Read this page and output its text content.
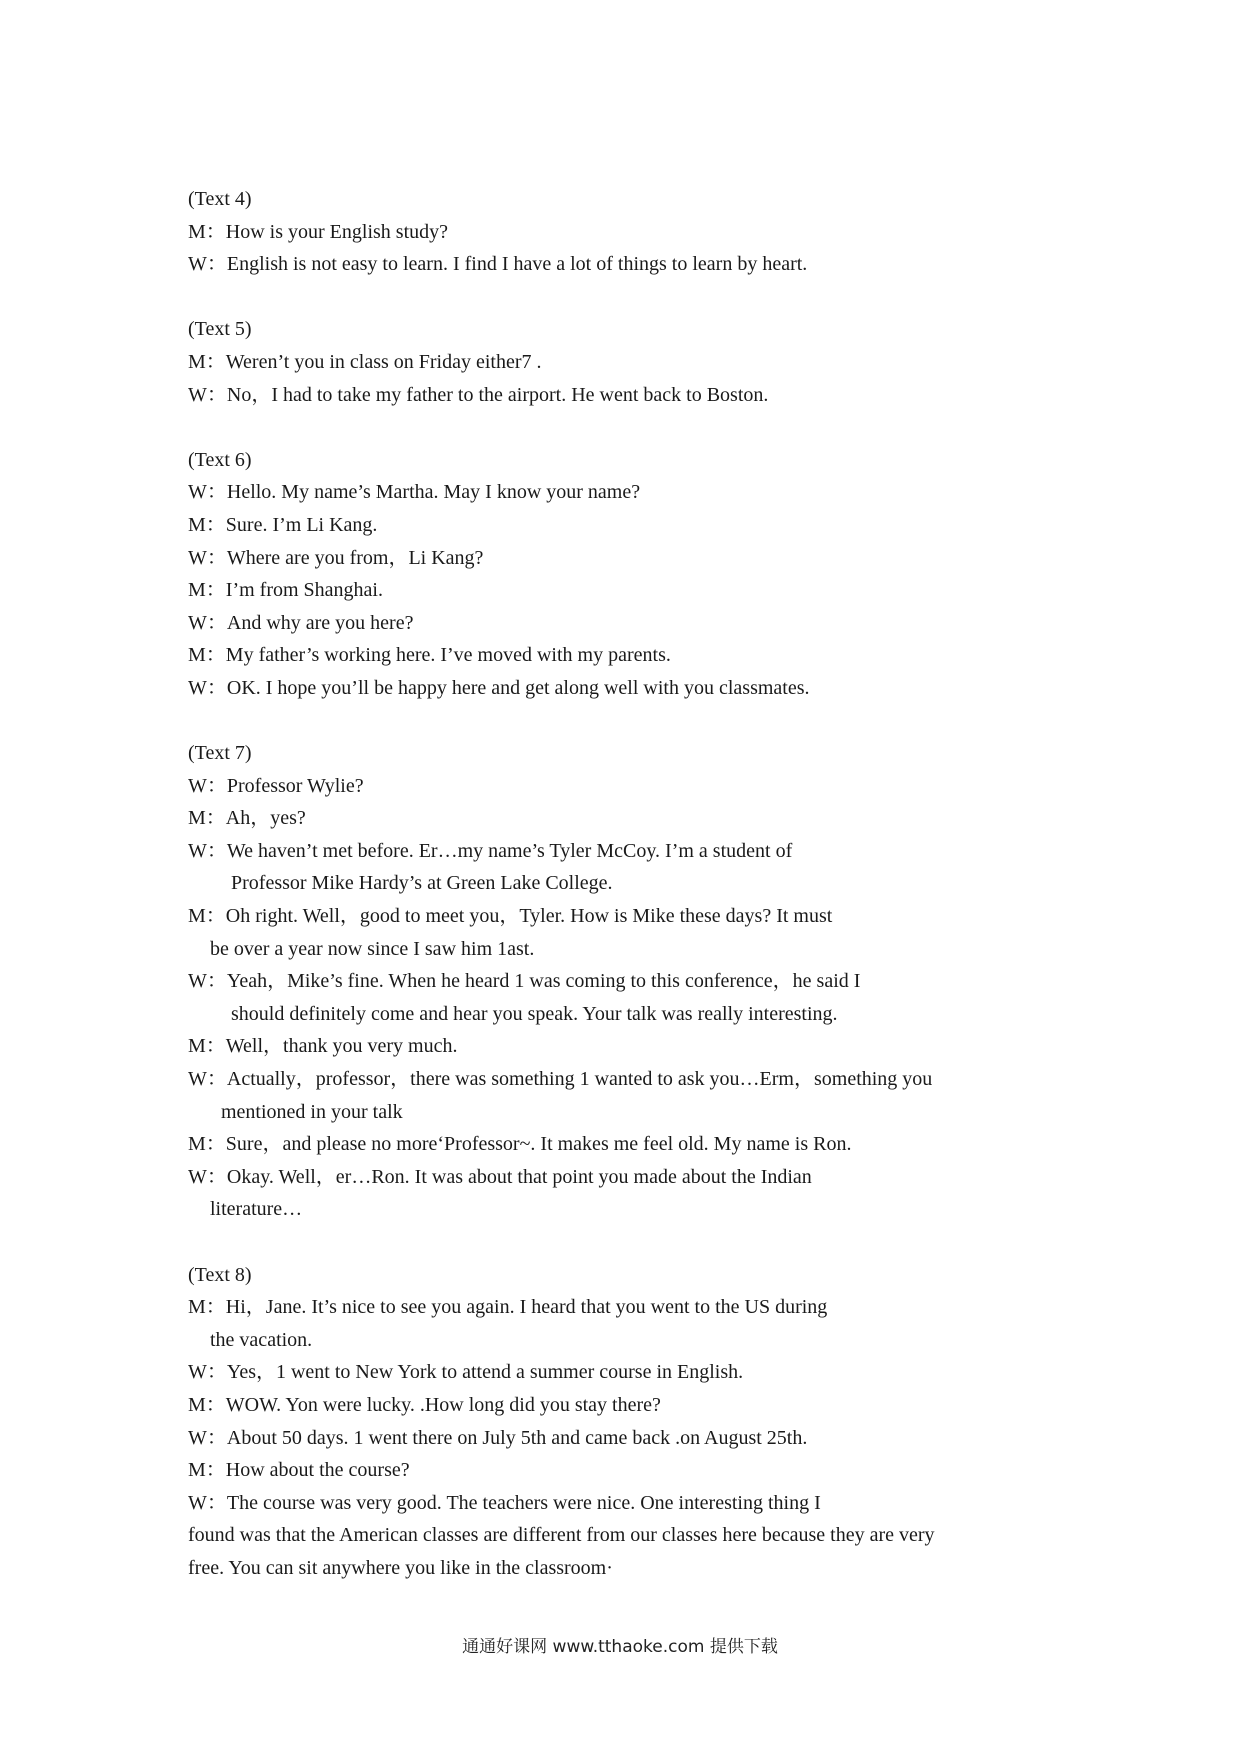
(Text 4)
M：How is your English study?
W：English is not easy to learn. I find I have a lot of things to learn by heart.
(Text 5)
M：Weren’t you in class on Friday either7 .
W：No，I had to take my father to the airport. He went back to Boston.
(Text 6)
W：Hello. My name’s Martha. May I know your name?
M：Sure. I’m Li Kang.
W：Where are you from，Li Kang?
M：I’m from Shanghai.
W：And why are you here?
M：My father’s working here. I’ve moved with my parents.
W：OK. I hope you’ll be happy here and get along well with you classmates.
(Text 7)
W：Professor Wylie?
M：Ah，yes?
W：We haven’t met before. Er…my name’s Tyler McCoy. I’m a student of
Professor Mike Hardy’s at Green Lake College.
M：Oh right. Well，good to meet you，Tyler. How is Mike these days? It must
be over a year now since I saw him 1ast.
W：Yeah，Mike’s fine. When he heard 1 was coming to this conference，he said I
should definitely come and hear you speak. Your talk was really interesting.
M：Well，thank you very much.
W：Actually，professor，there was something 1 wanted to ask you…Erm，something you
mentioned in your talk
M：Sure，and please no more‘Professor~. It makes me feel old. My name is Ron.
W：Okay. Well，er…Ron. It was about that point you made about the Indian
literature…
(Text 8)
M：Hi，Jane. It’s nice to see you again. I heard that you went to the US during
the vacation.
W：Yes，1 went to New York to attend a summer course in English.
M：WOW. Yon were lucky. .How long did you stay there?
W：About 50 days. 1 went there on July 5th and came back .on August 25th.
M：How about the course?
W：The course was very good. The teachers were nice. One interesting thing I
found was that the American classes are different from our classes here because they are very
free. You can sit anywhere you like in the classroom·
通通好课网 www.tthaoke.com 提供下载
